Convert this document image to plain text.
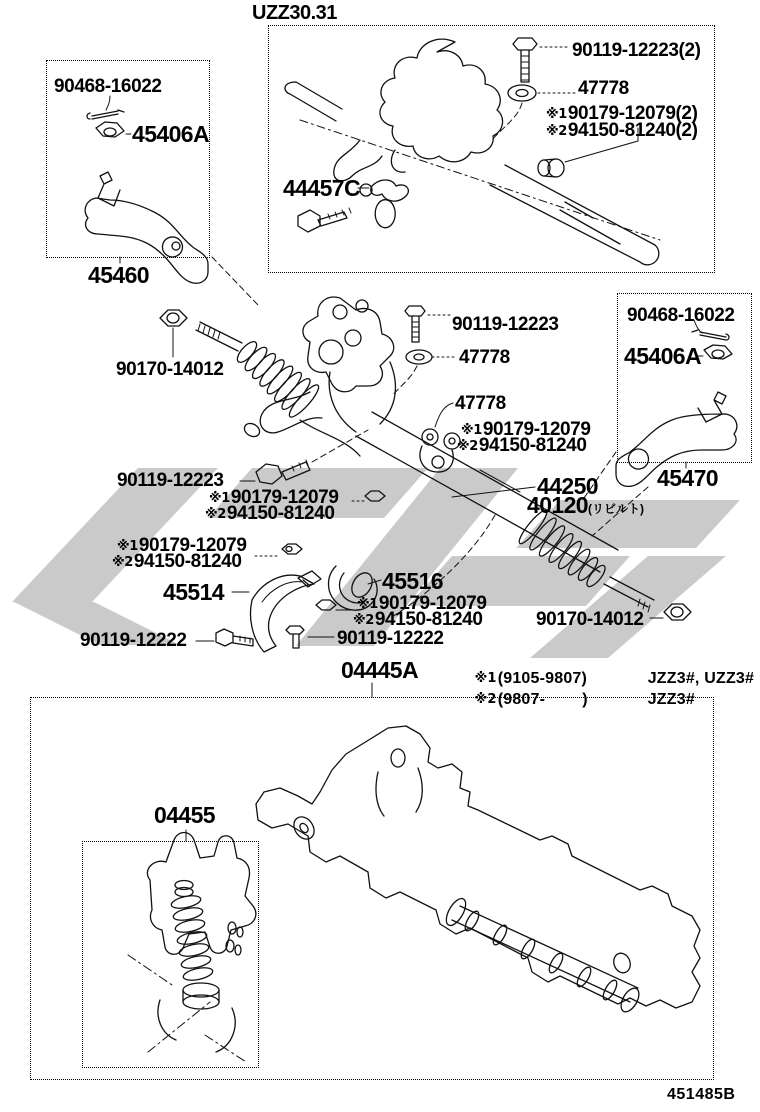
UZZ30.31
90468-16022
45406A
45460
90119-12223(2)
47778
※190179-12079(2)
※294150-81240(2)
44457C
90119-12223
47778
47778
※190179-12079
※294150-81240
90468-16022
45406A
45470
90170-14012
90119-12223
※190179-12079
※294150-81240
※190179-12079
※294150-81240
44250
40120(リビルト)
45514	45516
※190179-12079
※294150-81240
90119-12222	90119-12222
04445A
90170-14012

※1(9105-9807)	JZZ3#, UZZ3#

※2(9807-        )	JZZ3#

04455
451485B
